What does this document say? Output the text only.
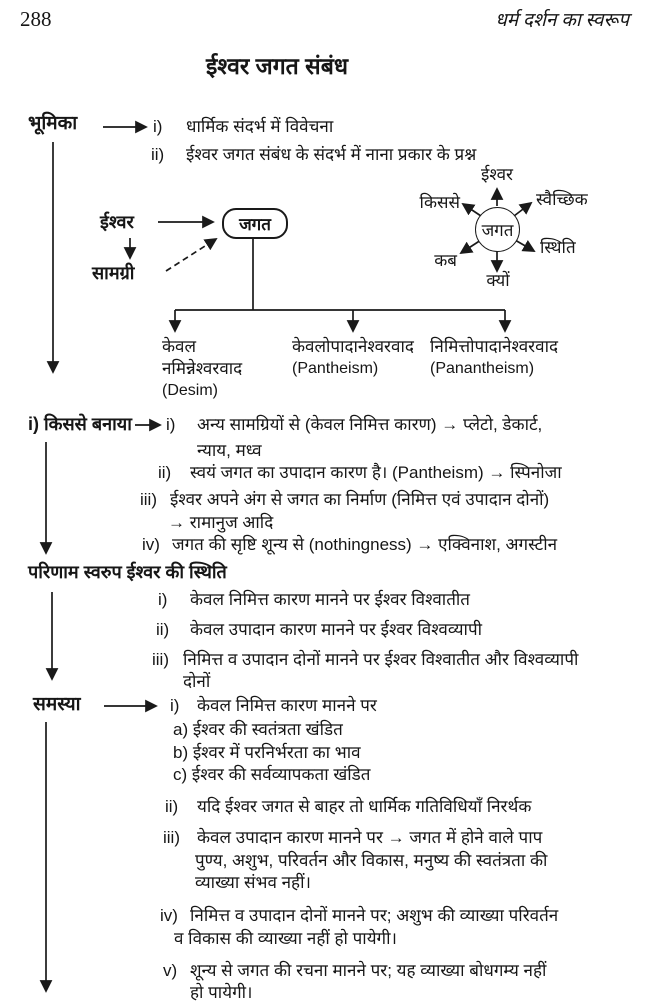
288	धर्म दर्शन का स्वरूप
ईश्वर जगत संबंध
भूमिका	i) धार्मिक संदर्भ में विवेचना
ii) ईश्वर जगत संबंध के संदर्भ में नाना प्रकार के प्रश्न
ईश्वर	जगत
सामग्री
जगत
ईश्वर
किससे	स्वैच्छिक
स्थिति
कब
क्यों
केवल
नमिन्नेश्वरवाद
(Desim)
केवलोपादानेश्वरवाद
(Pantheism)
निमित्तोपादानेश्वरवाद
(Panantheism)
i) किससे बनाया i) अन्य सामग्रियों से (केवल निमित्त कारण) → प्लेटो, डेकार्ट,
न्याय, मध्व
ii) स्वयं जगत का उपादान कारण है। (Pantheism) → स्पिनोजा
iii) ईश्वर अपने अंग से जगत का निर्माण (निमित्त एवं उपादान दोनों)
→ रामानुज आदि
iv) जगत की सृष्टि शून्य से (nothingness) → एक्विनाश, अगस्टीन
परिणाम स्वरुप ईश्वर की स्थिति
i) केवल निमित्त कारण मानने पर ईश्वर विश्वातीत
ii) केवल उपादान कारण मानने पर ईश्वर विश्वव्यापी
iii) निमित्त व उपादान दोनों मानने पर ईश्वर विश्वातीत और विश्वव्यापी
दोनों
समस्या	i) केवल निमित्त कारण मानने पर
a) ईश्वर की स्वतंत्रता खंडित
b) ईश्वर में परनिर्भरता का भाव
c) ईश्वर की सर्वव्यापकता खंडित
ii) यदि ईश्वर जगत से बाहर तो धार्मिक गतिविधियाँ निरर्थक
iii) केवल उपादान कारण मानने पर → जगत में होने वाले पाप
पुण्य, अशुभ, परिवर्तन और विकास, मनुष्य की स्वतंत्रता की
व्याख्या संभव नहीं।
iv) निमित्त व उपादान दोनों मानने पर; अशुभ की व्याख्या परिवर्तन
व विकास की व्याख्या नहीं हो पायेगी।
v) शून्य से जगत की रचना मानने पर; यह व्याख्या बोधगम्य नहीं
हो पायेगी।
